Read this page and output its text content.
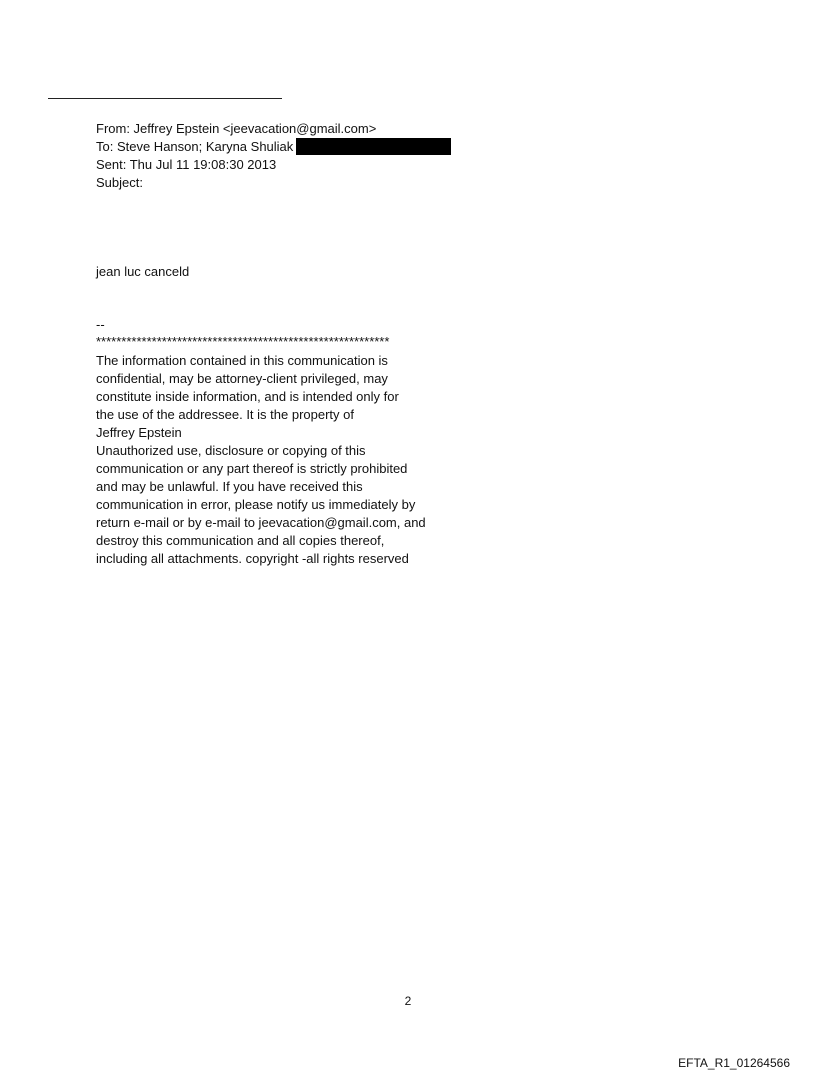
From: Jeffrey Epstein <jeevacation@gmail.com>
To: Steve Hanson; Karyna Shuliak
Sent: Thu Jul 11 19:08:30 2013
Subject:
jean luc canceld
--
**********************************************************
The information contained in this communication is
confidential, may be attorney-client privileged, may
constitute inside information, and is intended only for
the use of the addressee. It is the property of
Jeffrey Epstein
Unauthorized use, disclosure or copying of this
communication or any part thereof is strictly prohibited
and may be unlawful. If you have received this
communication in error, please notify us immediately by
return e-mail or by e-mail to jeevacation@gmail.com, and
destroy this communication and all copies thereof,
including all attachments. copyright -all rights reserved
2
EFTA_R1_01264566
